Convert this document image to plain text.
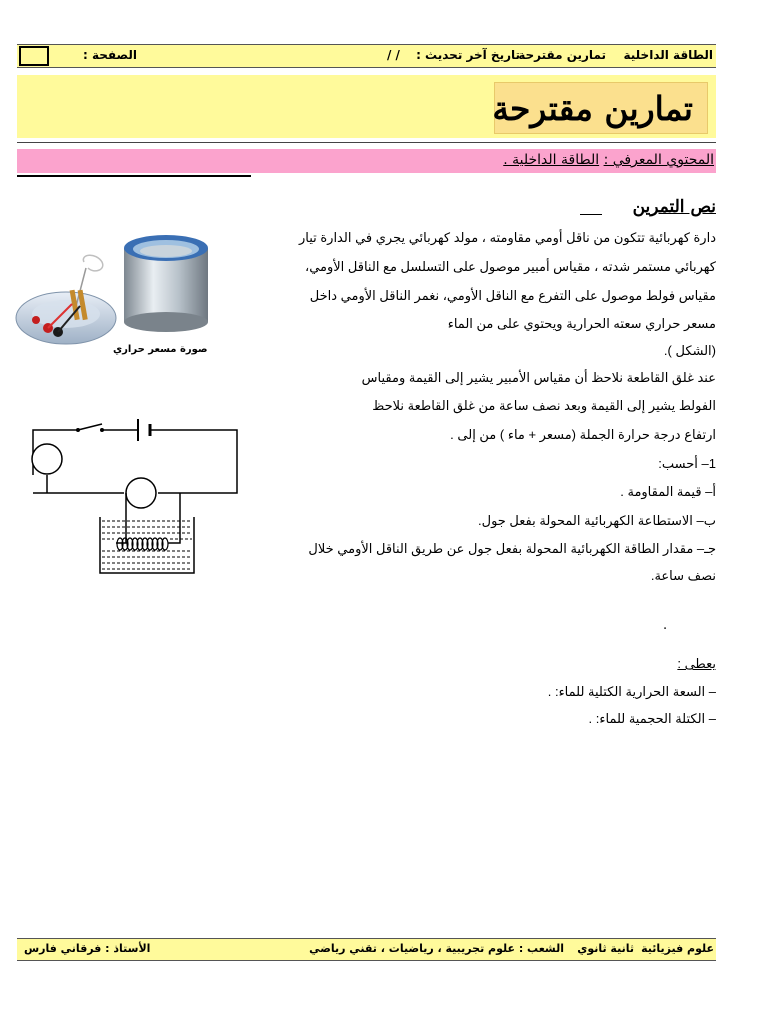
الطاقة الداخلية
تمارين مقترحة
تاريخ آخر تحديث :
/ /
الصفحة :
تمارين مقترحة
المحتوي المعرفي : الطاقة الداخلية .
نص التمرين
دارة كهربائية تتكون من ناقل أومي مقاومته ، مولد كهربائي يجري في الدارة تيار
كهربائي مستمر شدته ، مقياس أمبير موصول على التسلسل مع الناقل الأومي،
مقياس فولط موصول على التفرع مع الناقل الأومي، نغمر الناقل الأومي داخل
مسعر حراري سعته الحرارية ويحتوي على من الماء
(الشكل ).
عند غلق القاطعة نلاحظ أن مقياس الأمبير يشير إلى القيمة ومقياس
الفولط يشير إلى القيمة وبعد نصف ساعة من غلق القاطعة نلاحظ
ارتفاع درجة حرارة الجملة (مسعر + ماء ) من إلى .
1– أحسب:
أ– قيمة المقاومة .
ب– الاستطاعة الكهربائية المحولة بفعل جول.
جـ– مقدار الطاقة الكهربائية المحولة بفعل جول عن طريق الناقل الأومي خلال
نصف ساعة.
.
يعطى :
– السعة الحرارية الكتلية للماء: .
– الكتلة الحجمية للماء: .
صورة مسعر حراري
علوم فيزيائية
ثانية ثانوي
الشعب : علوم تجريبية ، رياضيات ، تقني رياضي
الأستاذ : فرقاني فارس
